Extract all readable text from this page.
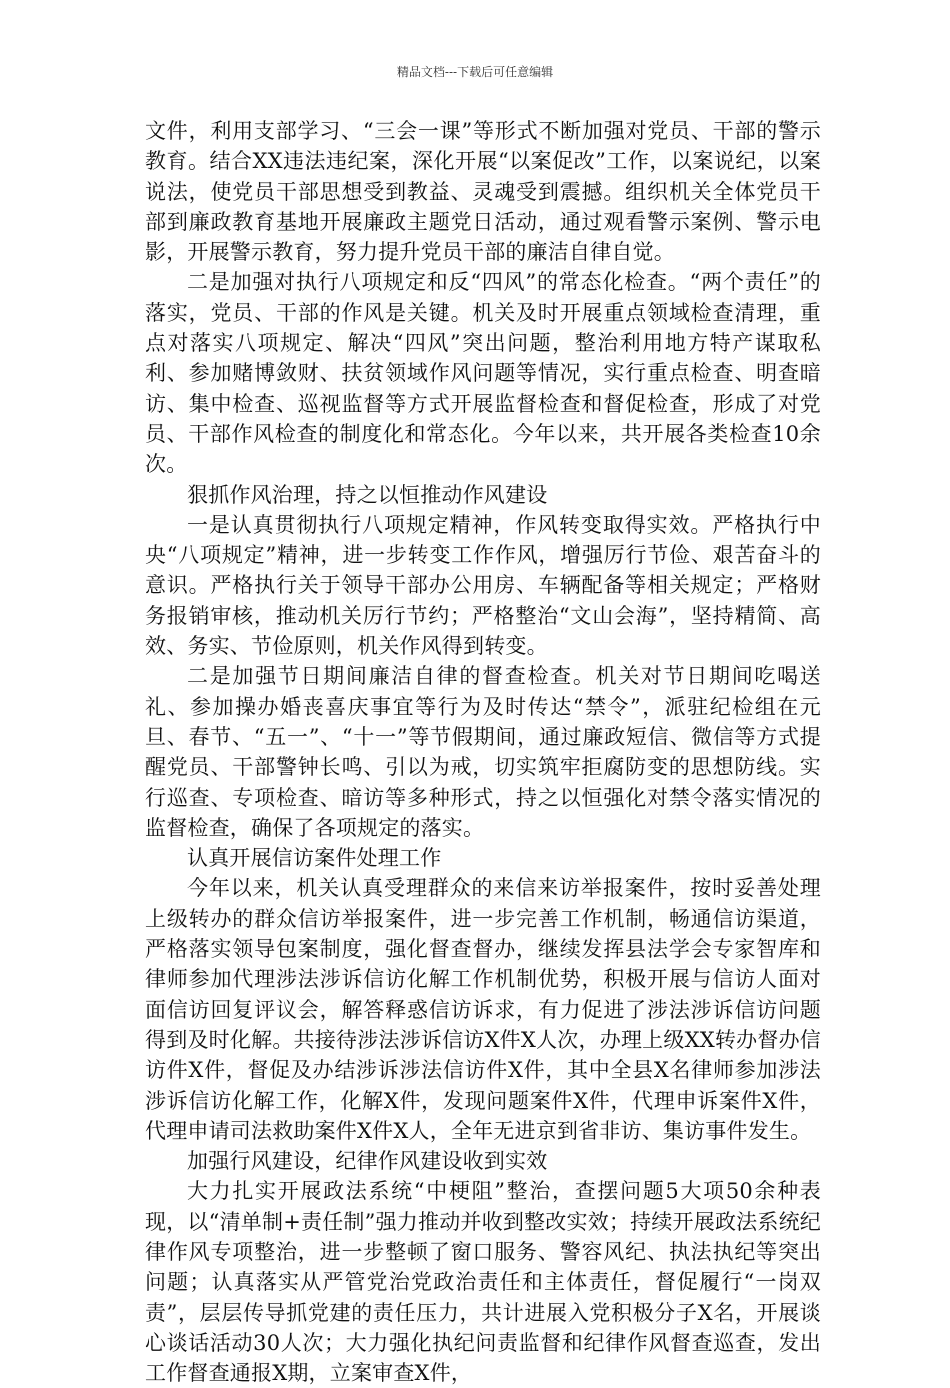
精品文档---下载后可任意编辑

文件，利用支部学习、“三会一课”等形式不断加强对党员、干部的警示教育。结合XX违法违纪案，深化开展“以案促改”工作，以案说纪，以案说法，使党员干部思想受到教益、灵魂受到震撼。组织机关全体党员干部到廉政教育基地开展廉政主题党日活动，通过观看警示案例、警示电影，开展警示教育，努力提升党员干部的廉洁自律自觉。

二是加强对执行八项规定和反“四风”的常态化检查。“两个责任”的落实，党员、干部的作风是关键。机关及时开展重点领域检查清理，重点对落实八项规定、解决“四风”突出问题，整治利用地方特产谋取私利、参加赌博敛财、扶贫领域作风问题等情况，实行重点检查、明查暗访、集中检查、巡视监督等方式开展监督检查和督促检查，形成了对党员、干部作风检查的制度化和常态化。今年以来，共开展各类检查10余次。

狠抓作风治理，持之以恒推动作风建设

一是认真贯彻执行八项规定精神，作风转变取得实效。严格执行中央“八项规定”精神，进一步转变工作作风，增强厉行节俭、艰苦奋斗的意识。严格执行关于领导干部办公用房、车辆配备等相关规定；严格财务报销审核，推动机关厉行节约；严格整治“文山会海”，坚持精简、高效、务实、节俭原则，机关作风得到转变。

二是加强节日期间廉洁自律的督查检查。机关对节日期间吃喝送礼、参加操办婚丧喜庆事宜等行为及时传达“禁令”，派驻纪检组在元旦、春节、“五一”、“十一”等节假期间，通过廉政短信、微信等方式提醒党员、干部警钟长鸣、引以为戒，切实筑牢拒腐防变的思想防线。实行巡查、专项检查、暗访等多种形式，持之以恒强化对禁令落实情况的监督检查，确保了各项规定的落实。

认真开展信访案件处理工作

今年以来，机关认真受理群众的来信来访举报案件，按时妥善处理上级转办的群众信访举报案件，进一步完善工作机制，畅通信访渠道，严格落实领导包案制度，强化督查督办，继续发挥县法学会专家智库和律师参加代理涉法涉诉信访化解工作机制优势，积极开展与信访人面对面信访回复评议会，解答释惑信访诉求，有力促进了涉法涉诉信访问题得到及时化解。共接待涉法涉诉信访X件X人次，办理上级XX转办督办信访件X件，督促及办结涉诉涉法信访件X件，其中全县X名律师参加涉法涉诉信访化解工作，化解X件，发现问题案件X件，代理申诉案件X件，代理申请司法救助案件X件X人，全年无进京到省非访、集访事件发生。

加强行风建设，纪律作风建设收到实效

大力扎实开展政法系统“中梗阻”整治，查摆问题5大项50余种表现，以“清单制+责任制”强力推动并收到整改实效；持续开展政法系统纪律作风专项整治，进一步整顿了窗口服务、警容风纪、执法执纪等突出问题；认真落实从严管党治党政治责任和主体责任，督促履行“一岗双责”，层层传导抓党建的责任压力，共计进展入党积极分子X名，开展谈心谈话活动30人次；大力强化执纪问责监督和纪律作风督查巡查，发出工作督查通报X期，立案审查X件，
